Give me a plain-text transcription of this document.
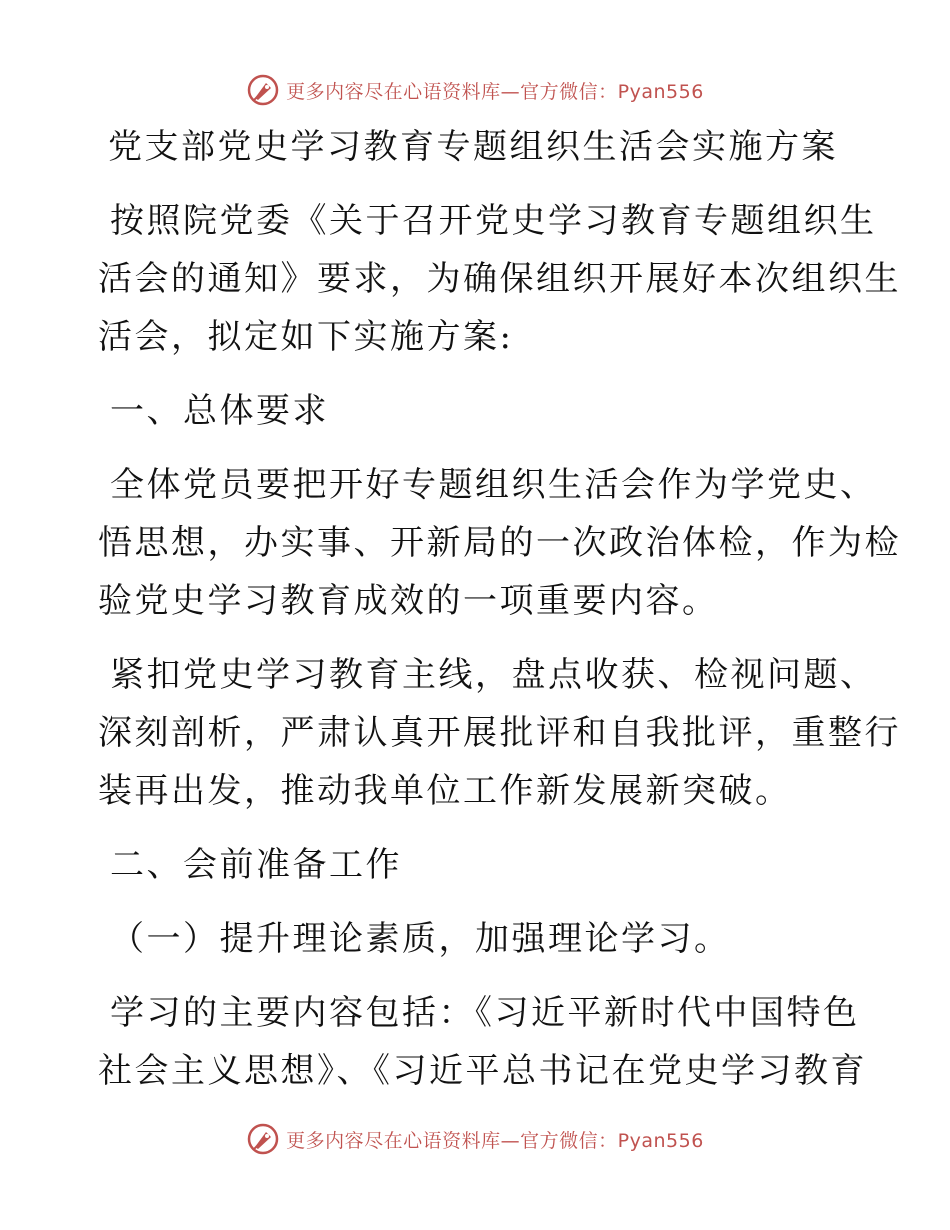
更多内容尽在心语资料库—官方微信：Pyan556
党支部党史学习教育专题组织生活会实施方案
按照院党委《关于召开党史学习教育专题组织生
活会的通知》要求，为确保组织开展好本次组织生
活会，拟定如下实施方案:
一、总体要求
全体党员要把开好专题组织生活会作为学党史、
悟思想，办实事、开新局的一次政治体检，作为检
验党史学习教育成效的一项重要内容。
紧扣党史学习教育主线，盘点收获、检视问题、
深刻剖析，严肃认真开展批评和自我批评，重整行
装再出发，推动我单位工作新发展新突破。
二、会前准备工作
（一）提升理论素质，加强理论学习。
学习的主要内容包括：《习近平新时代中国特色
社会主义思想》、《习近平总书记在党史学习教育
更多内容尽在心语资料库—官方微信：Pyan556
